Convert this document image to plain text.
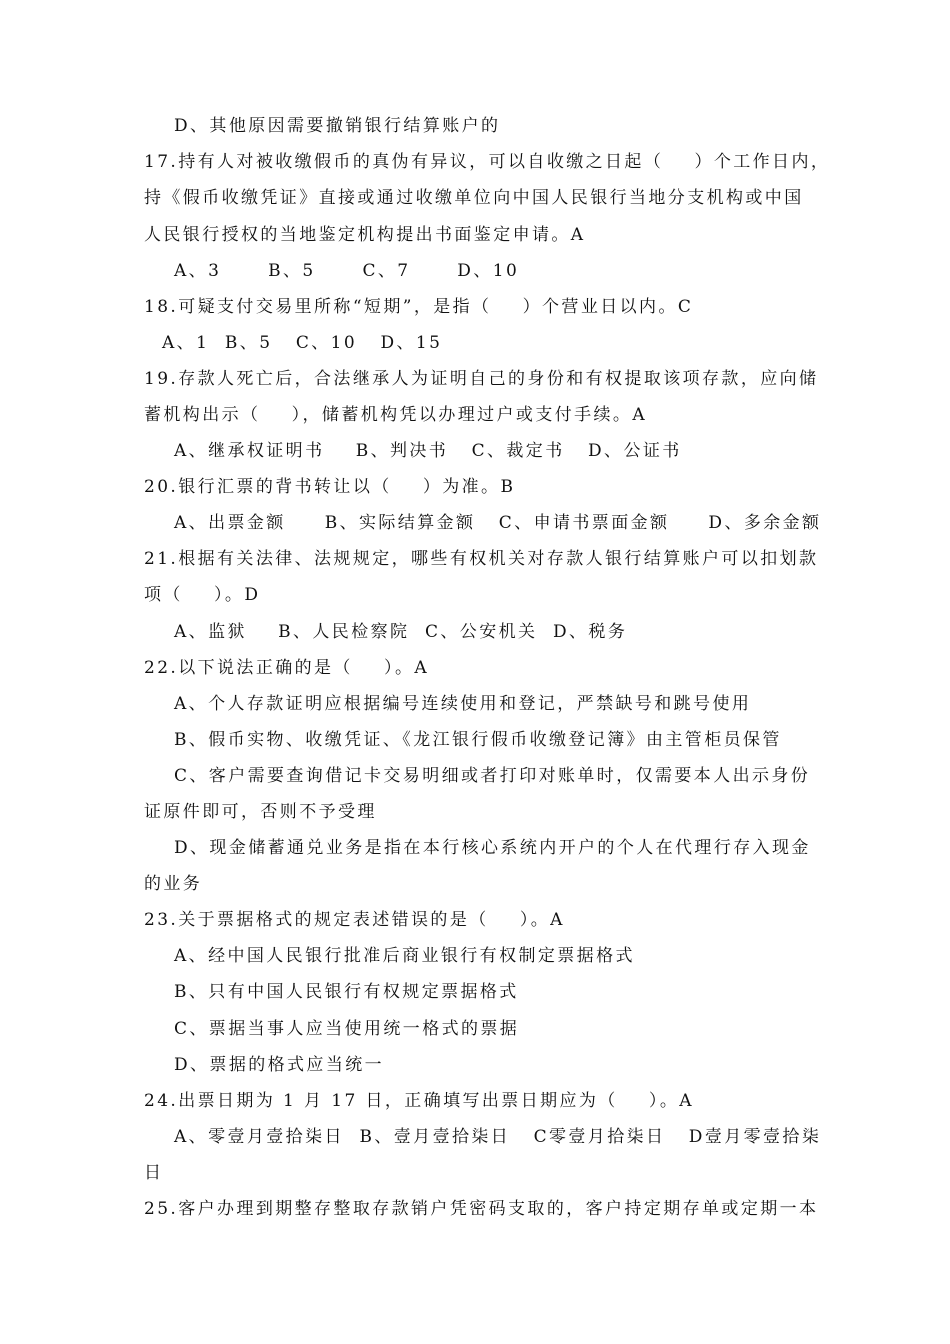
D、其他原因需要撤销银行结算账户的
17.持有人对被收缴假币的真伪有异议，可以自收缴之日起（    ）个工作日内，
持《假币收缴凭证》直接或通过收缴单位向中国人民银行当地分支机构或中国
人民银行授权的当地鉴定机构提出书面鉴定申请。A
A、3      B、5      C、7      D、10
18.可疑支付交易里所称“短期”，是指（    ）个营业日以内。C
A、1  B、5   C、10   D、15
19.存款人死亡后，合法继承人为证明自己的身份和有权提取该项存款，应向储
蓄机构出示（    ），储蓄机构凭以办理过户或支付手续。A
A、继承权证明书    B、判决书   C、裁定书   D、公证书
20.银行汇票的背书转让以（    ）为准。B
A、出票金额     B、实际结算金额   C、申请书票面金额     D、多余金额
21.根据有关法律、法规规定，哪些有权机关对存款人银行结算账户可以扣划款
项（    ）。D
A、监狱    B、人民检察院  C、公安机关  D、税务
22.以下说法正确的是（    ）。A
A、个人存款证明应根据编号连续使用和登记，严禁缺号和跳号使用
B、假币实物、收缴凭证、《龙江银行假币收缴登记簿》由主管柜员保管
C、客户需要查询借记卡交易明细或者打印对账单时，仅需要本人出示身份
证原件即可，否则不予受理
D、现金储蓄通兑业务是指在本行核心系统内开户的个人在代理行存入现金
的业务
23.关于票据格式的规定表述错误的是（    ）。A
A、经中国人民银行批准后商业银行有权制定票据格式
B、只有中国人民银行有权规定票据格式
C、票据当事人应当使用统一格式的票据
D、票据的格式应当统一
24.出票日期为 1 月 17 日，正确填写出票日期应为（    ）。A
A、零壹月壹拾柒日  B、壹月壹拾柒日   C零壹月拾柒日   D壹月零壹拾柒
日
25.客户办理到期整存整取存款销户凭密码支取的，客户持定期存单或定期一本
